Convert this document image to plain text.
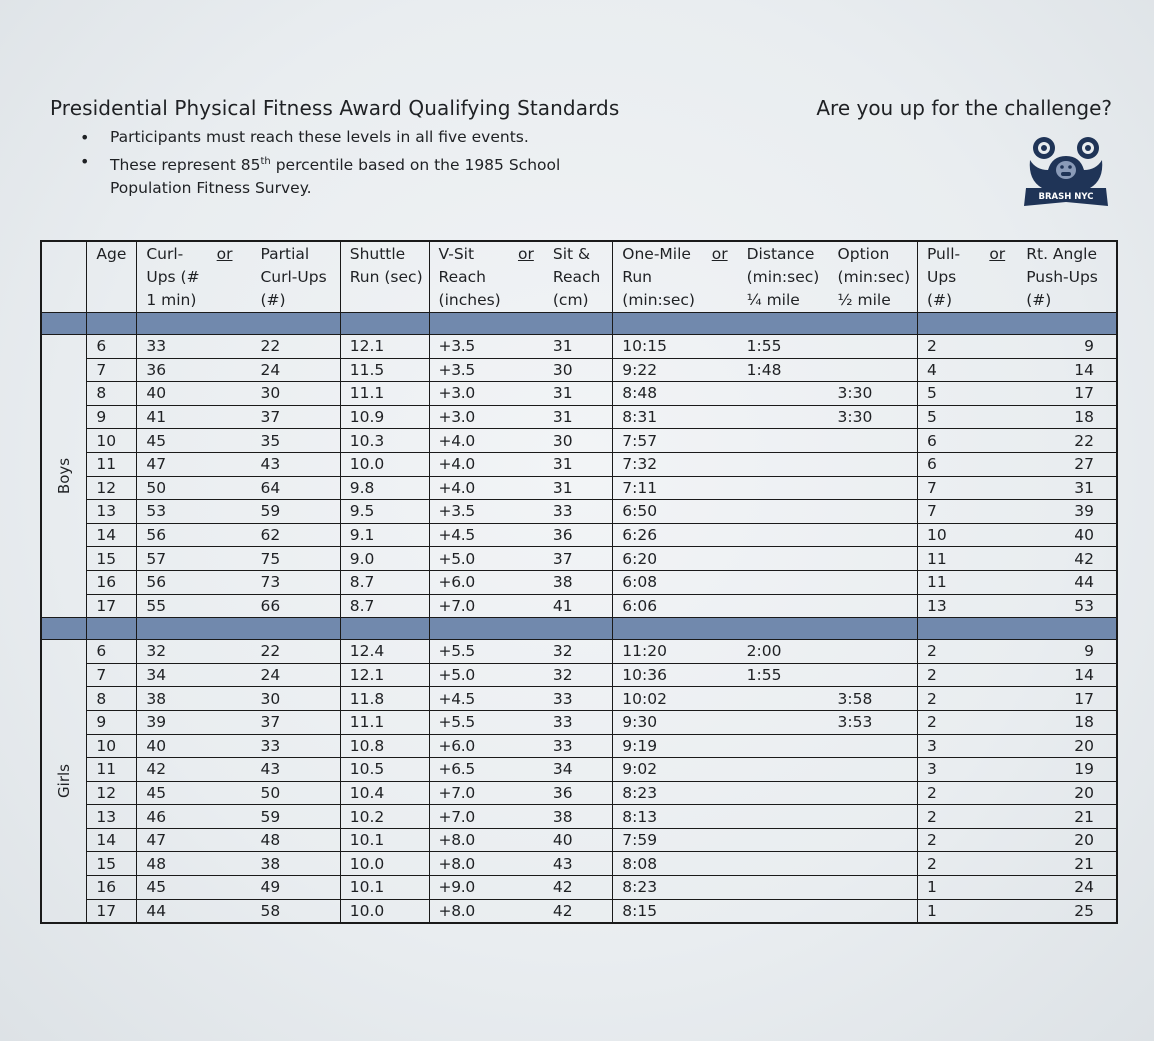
Presidential Physical Fitness Award Qualifying Standards	Are you up for the challenge?
• Participants must reach these levels in all five events.
• These represent 85th percentile based on the 1985 School Population Fitness Survey.	BRASH NYC
	Age	Curl-Ups (# 1 min)	or	Partial Curl-Ups (#)	Shuttle Run (sec)	V-Sit Reach (inches)	or	Sit & Reach (cm)	One-Mile Run (min:sec)	or	Distance (min:sec) ¼ mile	Option (min:sec) ½ mile	Pull-Ups (#)	or	Rt. Angle Push-Ups (#)

Boys	6	33		22	12.1	+3.5		31	10:15		1:55		2		9
	7	36		24	11.5	+3.5		30	9:22		1:48		4		14
	8	40		30	11.1	+3.0		31	8:48			3:30	5		17
	9	41		37	10.9	+3.0		31	8:31			3:30	5		18
	10	45		35	10.3	+4.0		30	7:57				6		22
	11	47		43	10.0	+4.0		31	7:32				6		27
	12	50		64	9.8	+4.0		31	7:11				7		31
	13	53		59	9.5	+3.5		33	6:50				7		39
	14	56		62	9.1	+4.5		36	6:26				10		40
	15	57		75	9.0	+5.0		37	6:20				11		42
	16	56		73	8.7	+6.0		38	6:08				11		44
	17	55		66	8.7	+7.0		41	6:06				13		53

Girls	6	32		22	12.4	+5.5		32	11:20		2:00		2		9
	7	34		24	12.1	+5.0		32	10:36		1:55		2		14
	8	38		30	11.8	+4.5		33	10:02			3:58	2		17
	9	39		37	11.1	+5.5		33	9:30			3:53	2		18
	10	40		33	10.8	+6.0		33	9:19				3		20
	11	42		43	10.5	+6.5		34	9:02				3		19
	12	45		50	10.4	+7.0		36	8:23				2		20
	13	46		59	10.2	+7.0		38	8:13				2		21
	14	47		48	10.1	+8.0		40	7:59				2		20
	15	48		38	10.0	+8.0		43	8:08				2		21
	16	45		49	10.1	+9.0		42	8:23				1		24
	17	44		58	10.0	+8.0		42	8:15				1		25
